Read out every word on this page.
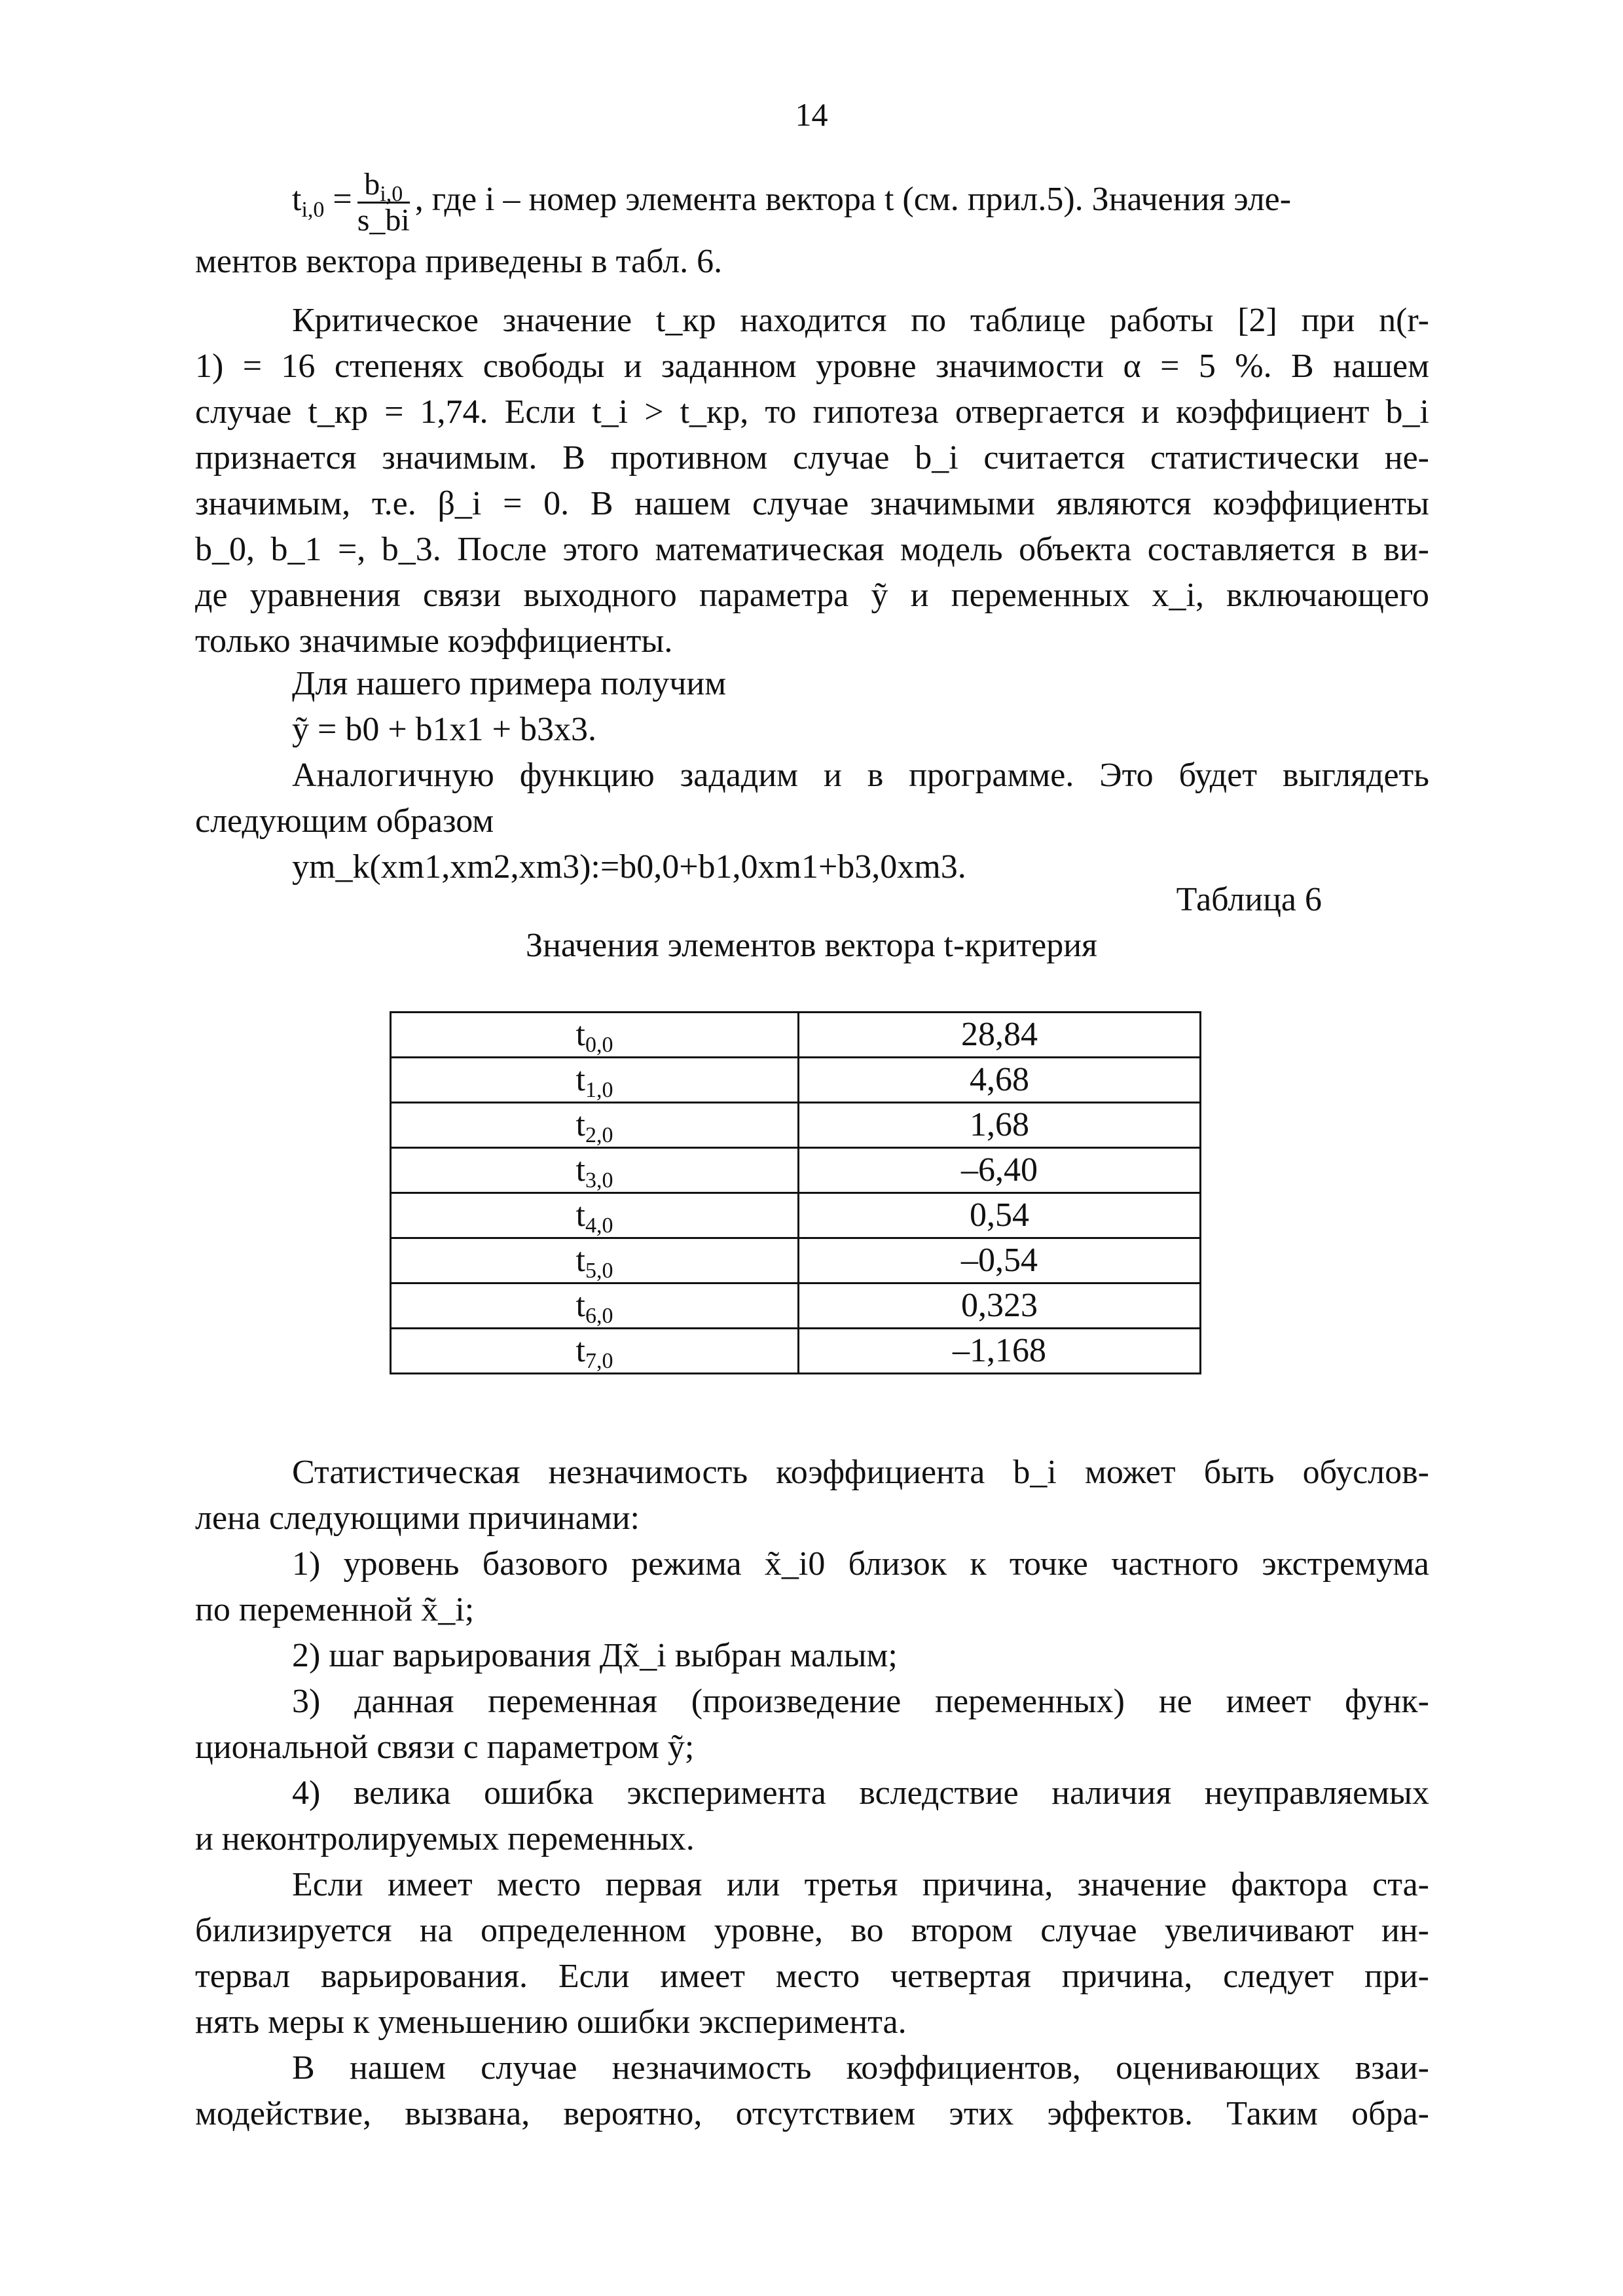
14
$t_{i,0} = \frac{b_{i,0}}{s\_bi}$ , где i – номер элемента вектора t (см. прил.5). Значения эле-
ментов вектора приведены в табл. 6.
Критическое значение t_кр находится по таблице работы [2] при n(r-
1) = 16 степенях свободы и заданном уровне значимости α = 5 %. В нашем
случае t_кр = 1,74. Если t_i > t_кр, то гипотеза отвергается и коэффициент b_i
признается значимым. В противном случае b_i считается статистически не-
значимым, т.е. β_i = 0. В нашем случае значимыми являются коэффициенты
b_0, b_1 =, b_3. После этого математическая модель объекта составляется в ви-
де уравнения связи выходного параметра ỹ и переменных x_i, включающего
только значимые коэффициенты.
Для нашего примера получим
ỹ = b0 + b1x1 + b3x3.
Аналогичную функцию зададим и в программе. Это будет выглядеть
следующим образом
ym_k(xm1,xm2,xm3):=b0,0+b1,0xm1+b3,0xm3.
Таблица 6
Значения элементов вектора t-критерия
$t_{0,0}$	28,84
$t_{1,0}$	4,68
$t_{2,0}$	1,68
$t_{3,0}$	–6,40
$t_{4,0}$	0,54
$t_{5,0}$	–0,54
$t_{6,0}$	0,323
$t_{7,0}$	–1,168
Статистическая незначимость коэффициента b_i может быть обуслов-
лена следующими причинами:
1) уровень базового режима x̃_i0 близок к точке частного экстремума
по переменной x̃_i;
2) шаг варьирования Дx̃_i выбран малым;
3) данная переменная (произведение переменных) не имеет функ-
циональной связи с параметром ỹ;
4) велика ошибка эксперимента вследствие наличия неуправляемых
и неконтролируемых переменных.
Если имеет место первая или третья причина, значение фактора ста-
билизируется на определенном уровне, во втором случае увеличивают ин-
тервал варьирования. Если имеет место четвертая причина, следует при-
нять меры к уменьшению ошибки эксперимента.
В нашем случае незначимость коэффициентов, оценивающих взаи-
модействие, вызвана, вероятно, отсутствием этих эффектов. Таким обра-
